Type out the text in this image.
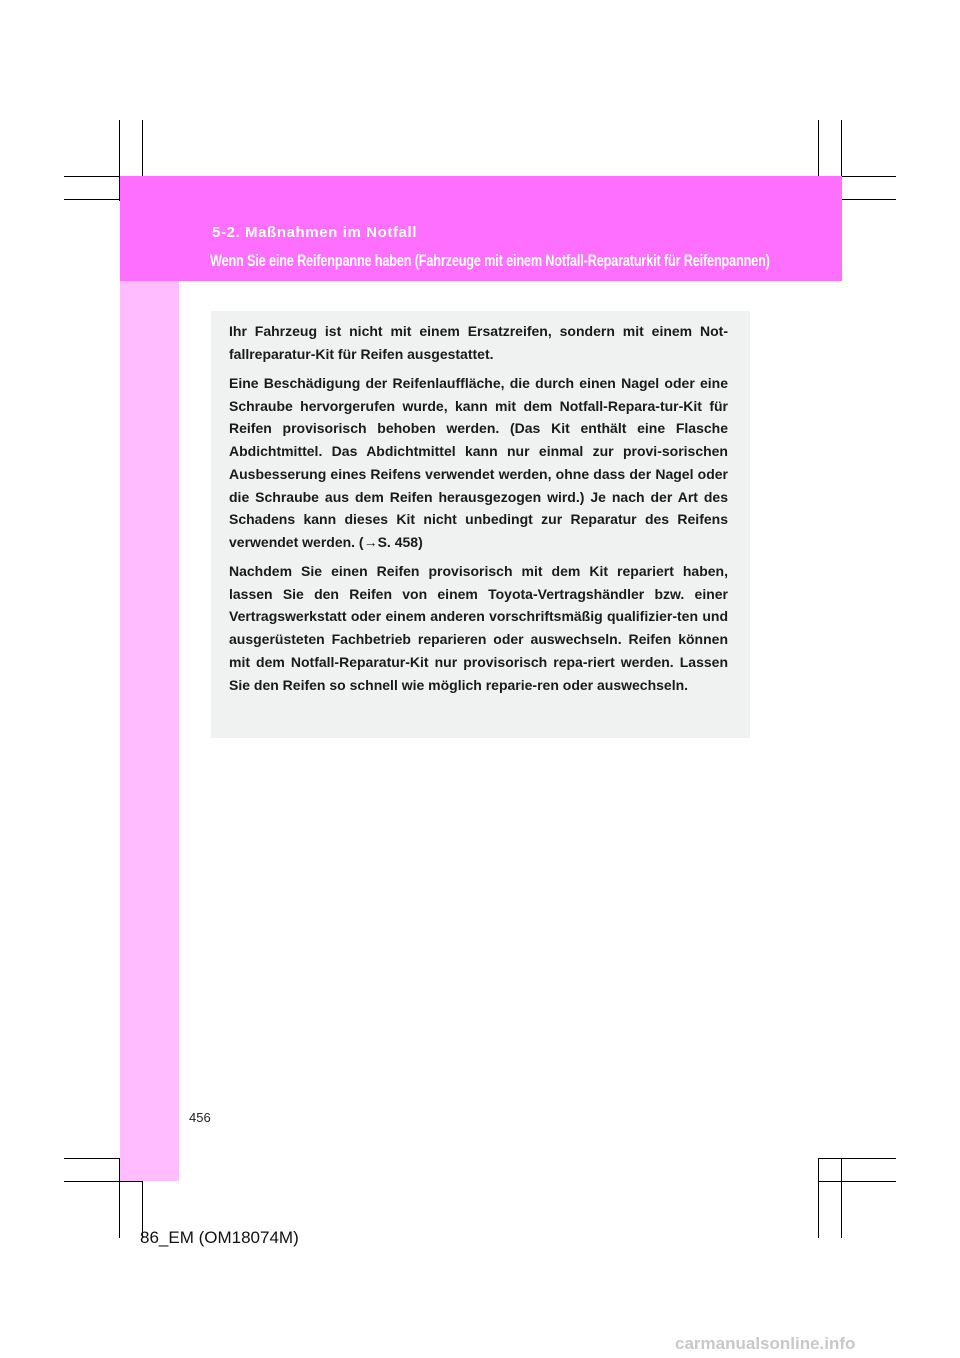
5-2. Maßnahmen im Notfall
Wenn Sie eine Reifenpanne haben (Fahrzeuge mit einem Notfall-Reparaturkit für Reifenpannen)

Ihr Fahrzeug ist nicht mit einem Ersatzreifen, sondern mit einem Not-fallreparatur-Kit für Reifen ausgestattet.

Eine Beschädigung der Reifenlauffläche, die durch einen Nagel oder eine Schraube hervorgerufen wurde, kann mit dem Notfall-Repara-tur-Kit für Reifen provisorisch behoben werden. (Das Kit enthält eine Flasche Abdichtmittel. Das Abdichtmittel kann nur einmal zur provi-sorischen Ausbesserung eines Reifens verwendet werden, ohne dass der Nagel oder die Schraube aus dem Reifen herausgezogen wird.) Je nach der Art des Schadens kann dieses Kit nicht unbedingt zur Reparatur des Reifens verwendet werden. (→S. 458)

Nachdem Sie einen Reifen provisorisch mit dem Kit repariert haben, lassen Sie den Reifen von einem Toyota-Vertragshändler bzw. einer Vertragswerkstatt oder einem anderen vorschriftsmäßig qualifizier-ten und ausgerüsteten Fachbetrieb reparieren oder auswechseln. Reifen können mit dem Notfall-Reparatur-Kit nur provisorisch repa-riert werden. Lassen Sie den Reifen so schnell wie möglich reparie-ren oder auswechseln.

456
86_EM (OM18074M)
carmanualsonline.info
